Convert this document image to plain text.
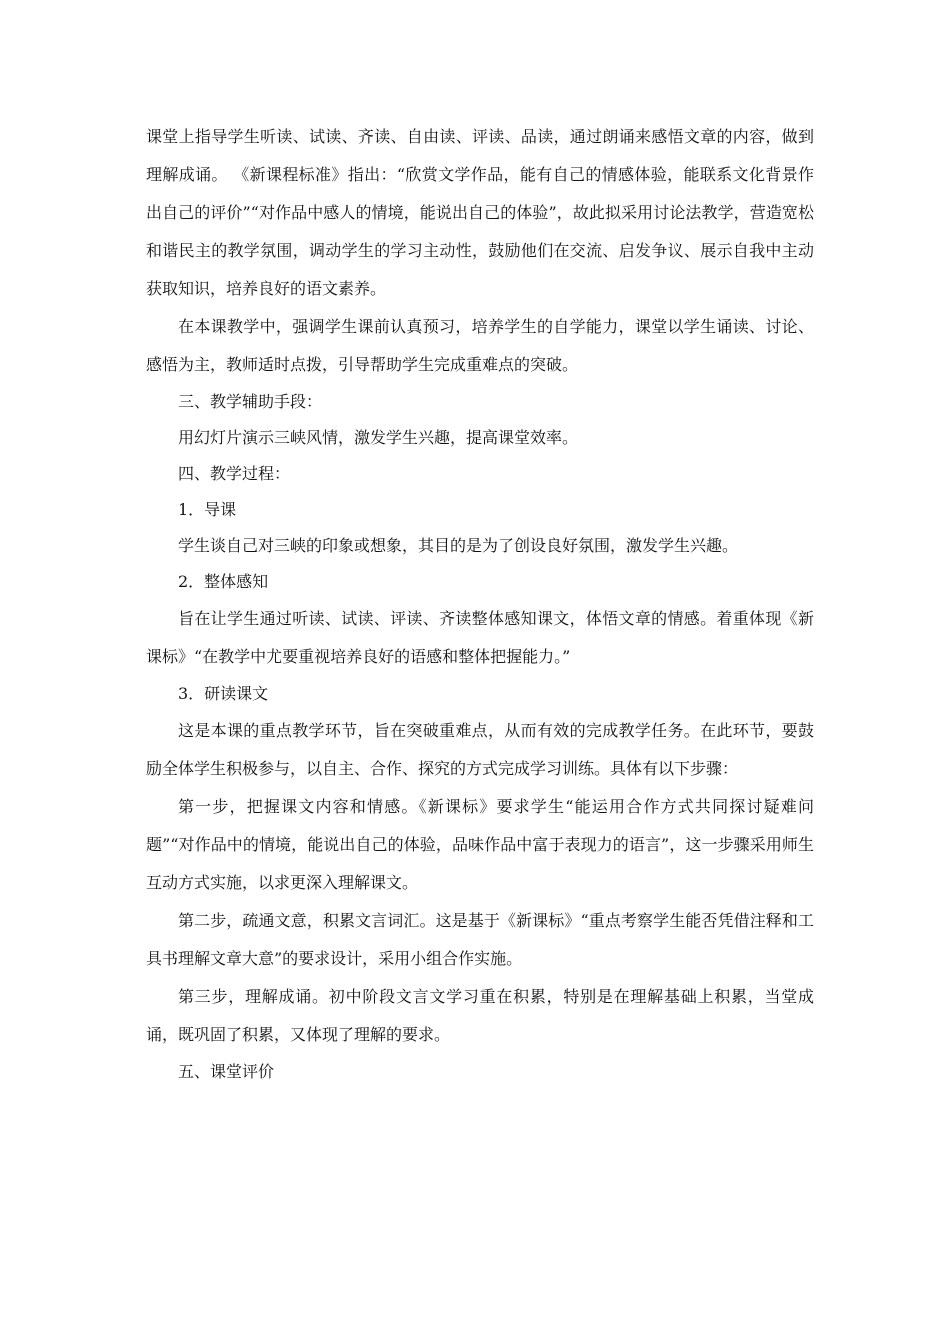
课堂上指导学生听读、试读、齐读、自由读、评读、品读，通过朗诵来感悟文章的内容，做到理解成诵。 《新课程标准》指出：“欣赏文学作品，能有自己的情感体验，能联系文化背景作出自己的评价”“对作品中感人的情境，能说出自己的体验”，故此拟采用讨论法教学，营造宽松和谐民主的教学氛围，调动学生的学习主动性，鼓励他们在交流、启发争议、展示自我中主动获取知识，培养良好的语文素养。

在本课教学中，强调学生课前认真预习，培养学生的自学能力，课堂以学生诵读、讨论、感悟为主，教师适时点拨，引导帮助学生完成重难点的突破。

三、教学辅助手段：

用幻灯片演示三峡风情，激发学生兴趣，提高课堂效率。

四、教学过程：

1．导课

学生谈自己对三峡的印象或想象，其目的是为了创设良好氛围，激发学生兴趣。

2．整体感知

旨在让学生通过听读、试读、评读、齐读整体感知课文，体悟文章的情感。着重体现《新课标》“在教学中尤要重视培养良好的语感和整体把握能力。”

3．研读课文

这是本课的重点教学环节，旨在突破重难点，从而有效的完成教学任务。在此环节，要鼓励全体学生积极参与，以自主、合作、探究的方式完成学习训练。具体有以下步骤：

第一步，把握课文内容和情感。《新课标》要求学生“能运用合作方式共同探讨疑难问题”“对作品中的情境，能说出自己的体验，品味作品中富于表现力的语言”，这一步骤采用师生互动方式实施，以求更深入理解课文。

第二步，疏通文意，积累文言词汇。这是基于《新课标》“重点考察学生能否凭借注释和工具书理解文章大意”的要求设计，采用小组合作实施。

第三步，理解成诵。初中阶段文言文学习重在积累，特别是在理解基础上积累，当堂成诵，既巩固了积累，又体现了理解的要求。

五、课堂评价
